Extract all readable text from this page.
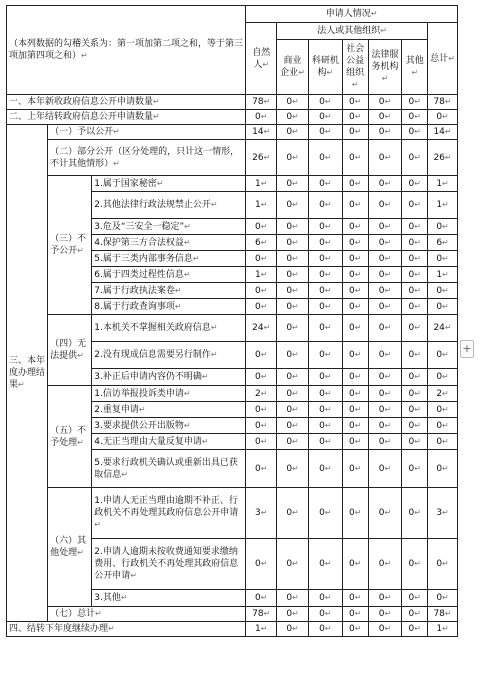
（本列数据的勾稽关系为：第一项加第二项之和，等于第三项加第四项之和）↵			申请人情况↵						
			自然人↵	法人或其他组织↵					总计↵
				商业企业↵	科研机构↵	社会公益组织↵	法律服务机构↵	其他↵	
一、本年新收政府信息公开申请数量↵			78↵	0↵	0↵	0↵	0↵	0↵	78↵
二、上年结转政府信息公开申请数量↵			0↵	0↵	0↵	0↵	0↵	0↵	0↵
三、本年度办理结果↵	（一）予以公开↵		14↵	0↵	0↵	0↵	0↵	0↵	14↵
	（二）部分公开（区分处理的，只计这一情形，不计其他情形）↵		26↵	0↵	0↵	0↵	0↵	0↵	26↵
	（三）不予公开↵	1.属于国家秘密↵	1↵	0↵	0↵	0↵	0↵	0↵	1↵
		2.其他法律行政法规禁止公开↵	1↵	0↵	0↵	0↵	0↵	0↵	1↵
		3.危及“三安全一稳定”↵	0↵	0↵	0↵	0↵	0↵	0↵	0↵
		4.保护第三方合法权益↵	6↵	0↵	0↵	0↵	0↵	0↵	6↵
		5.属于三类内部事务信息↵	0↵	0↵	0↵	0↵	0↵	0↵	0↵
		6.属于四类过程性信息↵	1↵	0↵	0↵	0↵	0↵	0↵	1↵
		7.属于行政执法案卷↵	0↵	0↵	0↵	0↵	0↵	0↵	0↵
		8.属于行政查询事项↵	0↵	0↵	0↵	0↵	0↵	0↵	0↵
	（四）无法提供↵	1.本机关不掌握相关政府信息↵	24↵	0↵	0↵	0↵	0↵	0↵	24↵
		2.没有现成信息需要另行制作↵	0↵	0↵	0↵	0↵	0↵	0↵	0↵
		3.补正后申请内容仍不明确↵	0↵	0↵	0↵	0↵	0↵	0↵	0↵
	（五）不予处理↵	1.信访举报投诉类申请↵	2↵	0↵	0↵	0↵	0↵	0↵	2↵
		2.重复申请↵	0↵	0↵	0↵	0↵	0↵	0↵	0↵
		3.要求提供公开出版物↵	0↵	0↵	0↵	0↵	0↵	0↵	0↵
		4.无正当理由大量反复申请↵	0↵	0↵	0↵	0↵	0↵	0↵	0↵
		5.要求行政机关确认或重新出具已获取信息↵	0↵	0↵	0↵	0↵	0↵	0↵	0↵
	（六）其他处理↵	1.申请人无正当理由逾期不补正、行政机关不再处理其政府信息公开申请↵	3↵	0↵	0↵	0↵	0↵	0↵	3↵
		2.申请人逾期未按收费通知要求缴纳费用、行政机关不再处理其政府信息公开申请↵	0↵	0↵	0↵	0↵	0↵	0↵	0↵
		3.其他↵	0↵	0↵	0↵	0↵	0↵	0↵	0↵
	（七）总计↵		78↵	0↵	0↵	0↵	0↵	0↵	78↵
四、结转下年度继续办理↵			1↵	0↵	0↵	0↵	0↵	0↵	1↵
+
